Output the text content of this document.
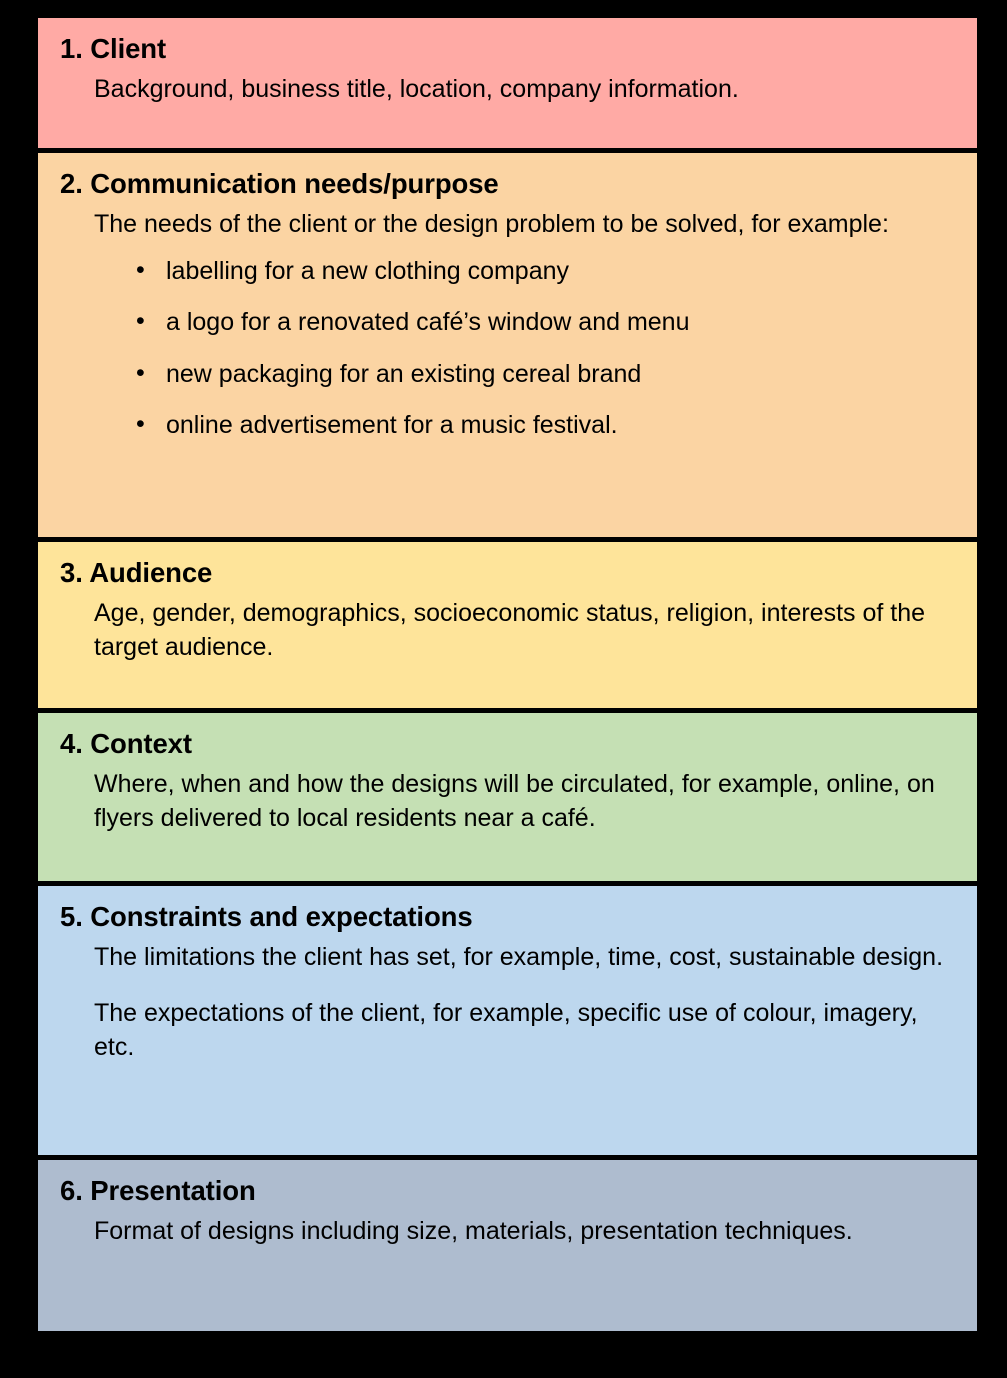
1. Client

Background, business title, location, company information.

2. Communication needs/purpose

The needs of the client or the design problem to be solved, for example:

• labelling for a new clothing company
• a logo for a renovated café’s window and menu
• new packaging for an existing cereal brand
• online advertisement for a music festival.
3. Audience

Age, gender, demographics, socioeconomic status, religion, interests of the target audience.

4. Context

Where, when and how the designs will be circulated, for example, online, on flyers delivered to local residents near a café.

5. Constraints and expectations

The limitations the client has set, for example, time, cost, sustainable design.

The expectations of the client, for example, specific use of colour, imagery, etc.

6. Presentation

Format of designs including size, materials, presentation techniques.
